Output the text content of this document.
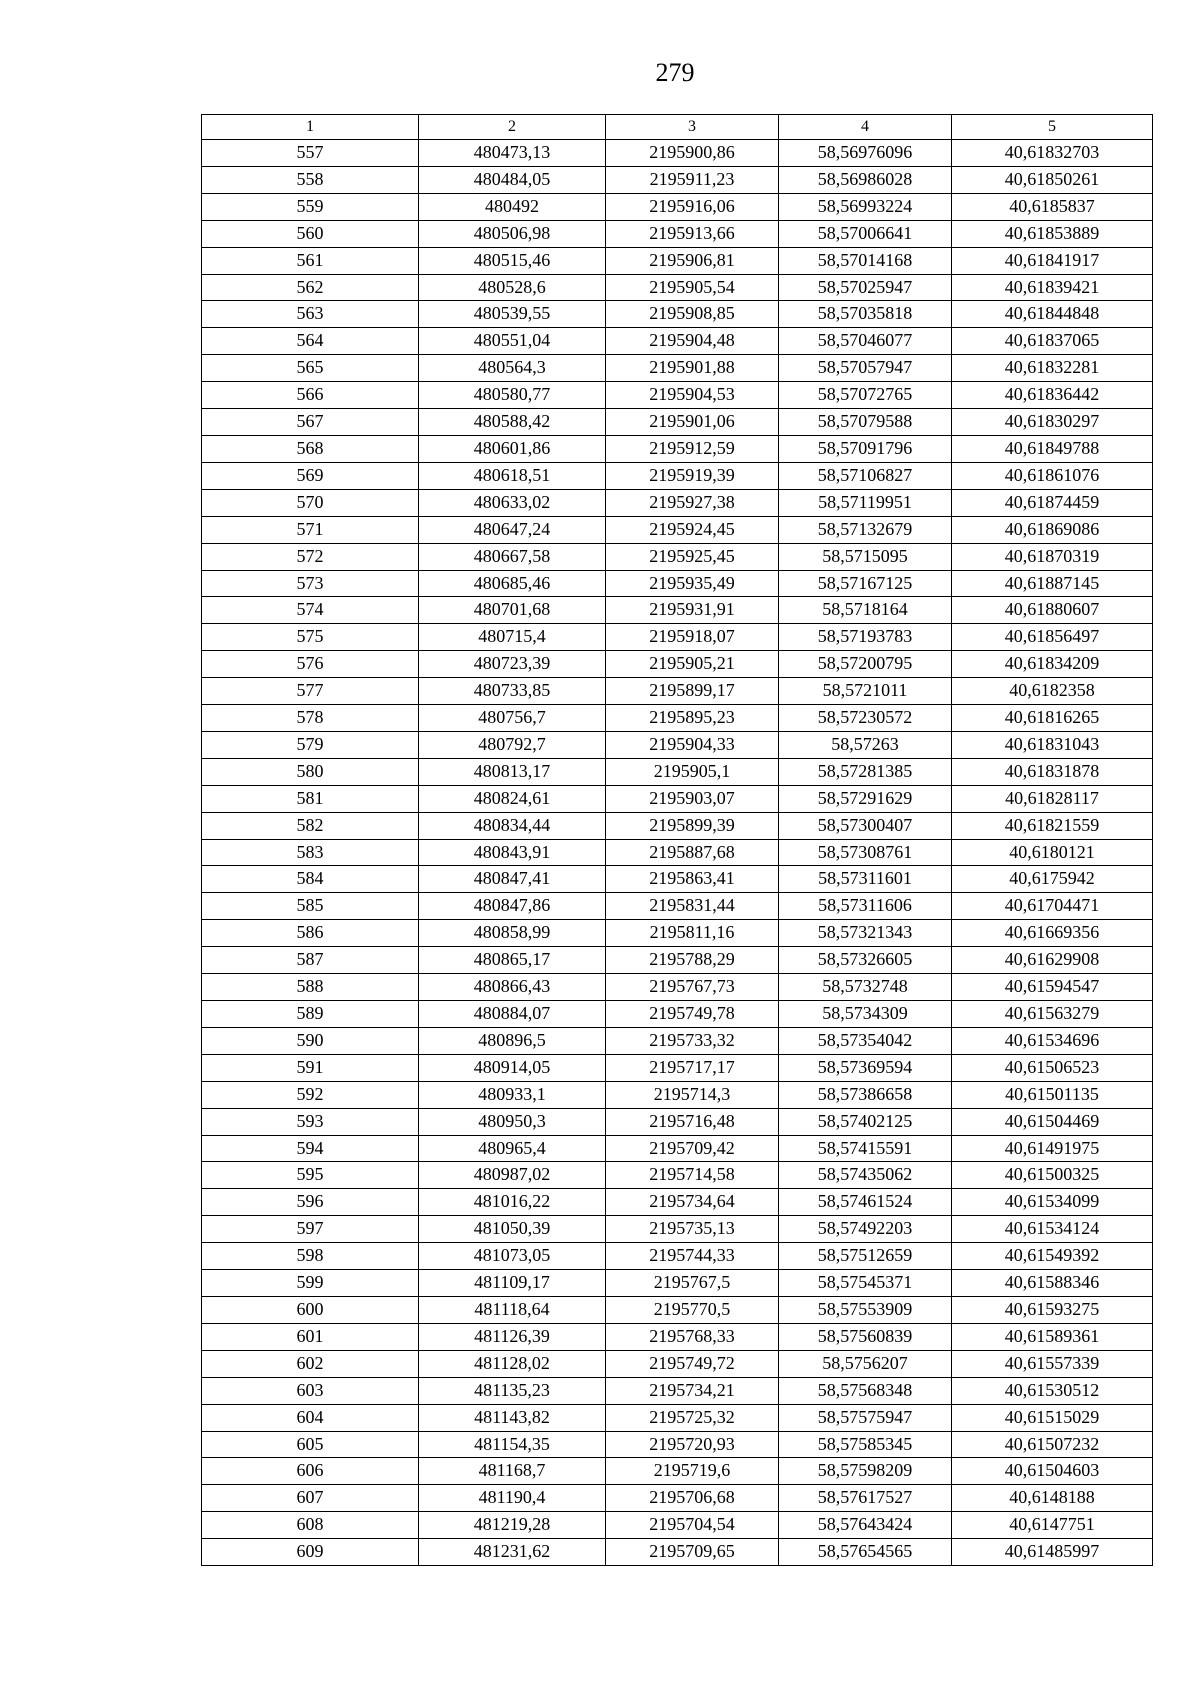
279
1	2	3	4	5
557	480473,13	2195900,86	58,56976096	40,61832703
558	480484,05	2195911,23	58,56986028	40,61850261
559	480492	2195916,06	58,56993224	40,6185837
560	480506,98	2195913,66	58,57006641	40,61853889
561	480515,46	2195906,81	58,57014168	40,61841917
562	480528,6	2195905,54	58,57025947	40,61839421
563	480539,55	2195908,85	58,57035818	40,61844848
564	480551,04	2195904,48	58,57046077	40,61837065
565	480564,3	2195901,88	58,57057947	40,61832281
566	480580,77	2195904,53	58,57072765	40,61836442
567	480588,42	2195901,06	58,57079588	40,61830297
568	480601,86	2195912,59	58,57091796	40,61849788
569	480618,51	2195919,39	58,57106827	40,61861076
570	480633,02	2195927,38	58,57119951	40,61874459
571	480647,24	2195924,45	58,57132679	40,61869086
572	480667,58	2195925,45	58,5715095	40,61870319
573	480685,46	2195935,49	58,57167125	40,61887145
574	480701,68	2195931,91	58,5718164	40,61880607
575	480715,4	2195918,07	58,57193783	40,61856497
576	480723,39	2195905,21	58,57200795	40,61834209
577	480733,85	2195899,17	58,5721011	40,6182358
578	480756,7	2195895,23	58,57230572	40,61816265
579	480792,7	2195904,33	58,57263	40,61831043
580	480813,17	2195905,1	58,57281385	40,61831878
581	480824,61	2195903,07	58,57291629	40,61828117
582	480834,44	2195899,39	58,57300407	40,61821559
583	480843,91	2195887,68	58,57308761	40,6180121
584	480847,41	2195863,41	58,57311601	40,6175942
585	480847,86	2195831,44	58,57311606	40,61704471
586	480858,99	2195811,16	58,57321343	40,61669356
587	480865,17	2195788,29	58,57326605	40,61629908
588	480866,43	2195767,73	58,5732748	40,61594547
589	480884,07	2195749,78	58,5734309	40,61563279
590	480896,5	2195733,32	58,57354042	40,61534696
591	480914,05	2195717,17	58,57369594	40,61506523
592	480933,1	2195714,3	58,57386658	40,61501135
593	480950,3	2195716,48	58,57402125	40,61504469
594	480965,4	2195709,42	58,57415591	40,61491975
595	480987,02	2195714,58	58,57435062	40,61500325
596	481016,22	2195734,64	58,57461524	40,61534099
597	481050,39	2195735,13	58,57492203	40,61534124
598	481073,05	2195744,33	58,57512659	40,61549392
599	481109,17	2195767,5	58,57545371	40,61588346
600	481118,64	2195770,5	58,57553909	40,61593275
601	481126,39	2195768,33	58,57560839	40,61589361
602	481128,02	2195749,72	58,5756207	40,61557339
603	481135,23	2195734,21	58,57568348	40,61530512
604	481143,82	2195725,32	58,57575947	40,61515029
605	481154,35	2195720,93	58,57585345	40,61507232
606	481168,7	2195719,6	58,57598209	40,61504603
607	481190,4	2195706,68	58,57617527	40,6148188
608	481219,28	2195704,54	58,57643424	40,6147751
609	481231,62	2195709,65	58,57654565	40,61485997
